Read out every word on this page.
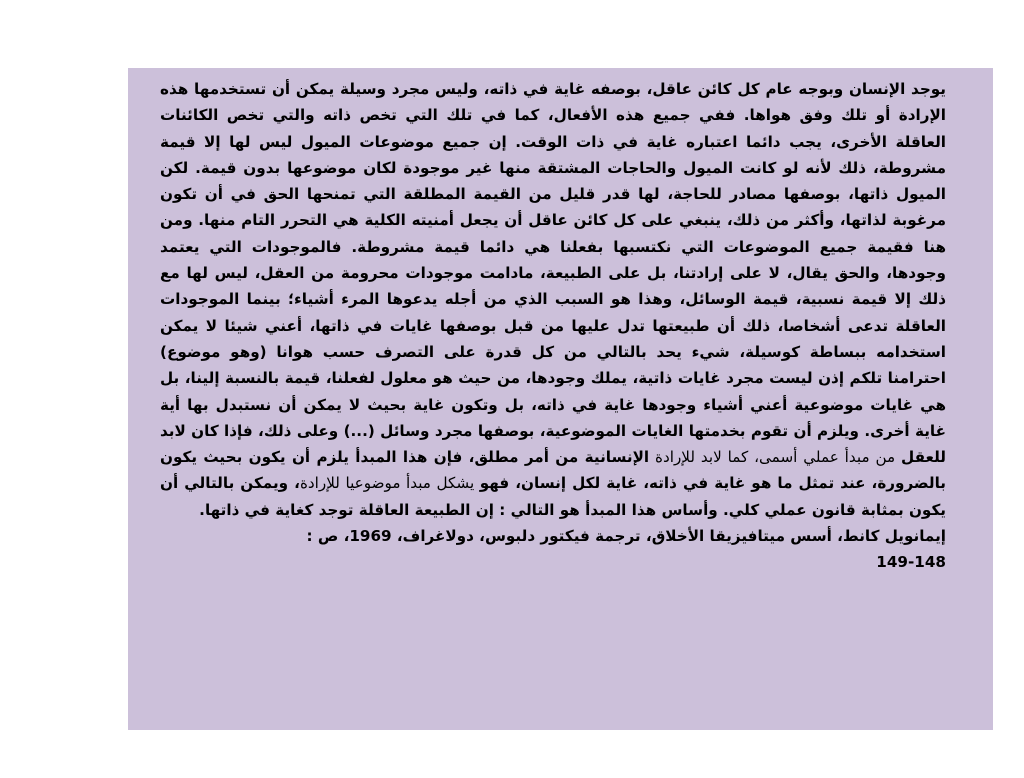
يوجد الإنسان وبوجه عام كل كائن عاقل، بوصفه غاية في ذاته، وليس مجرد وسيلة يمكن أن تستخدمها هذه الإرادة أو تلك وفق هواها. ففي جميع هذه الأفعال، كما في تلك التي تخص ذاته والتي تخص الكائنات العاقلة الأخرى، يجب دائما اعتباره غاية في ذات الوقت. إن جميع موضوعات الميول ليس لها إلا قيمة مشروطة، ذلك لأنه لو كانت الميول والحاجات المشتقة منها غير موجودة لكان موضوعها بدون قيمة. لكن الميول ذاتها، بوصفها مصادر للحاجة، لها قدر قليل من القيمة المطلقة التي تمنحها الحق في أن تكون مرغوبة لذاتها، وأكثر من ذلك، ينبغي على كل كائن عاقل أن يجعل أمنيته الكلية هي التحرر التام منها. ومن هنا فقيمة جميع الموضوعات التي نكتسبها بفعلنا هي دائما قيمة مشروطة. فالموجودات التي يعتمد وجودها، والحق يقال، لا على إرادتنا، بل على الطبيعة، مادامت موجودات محرومة من العقل، ليس لها مع ذلك إلا قيمة نسبية، قيمة الوسائل، وهذا هو السبب الذي من أجله يدعوها المرء أشياء؛ بينما الموجودات العاقلة تدعى أشخاصا، ذلك أن طبيعتها تدل عليها من قبل بوصفها غايات في ذاتها، أعني شيئا لا يمكن استخدامه ببساطة كوسيلة، شيء يحد بالتالي من كل قدرة على التصرف حسب هوانا (وهو موضوع) احترامنا تلكم إذن ليست مجرد غايات ذاتية، يملك وجودها، من حيث هو معلول لفعلنا، قيمة بالنسبة إلينا، بل هي غايات موضوعية أعني أشياء وجودها غاية في ذاته، بل وتكون غاية بحيث لا يمكن أن نستبدل بها أية غاية أخرى. ويلزم أن تقوم بخدمتها الغايات الموضوعية، بوصفها مجرد وسائل (...) وعلى ذلك، فإذا كان لابد للعقل من مبدأ عملي أسمى، كما لابد للإرادة الإنسانية من أمر مطلق، فإن هذا المبدأ يلزم أن يكون بحيث يكون بالضرورة، عند تمثل ما هو غاية في ذاته، غاية لكل إنسان، فهو يشكل مبدأ موضوعيا للإرادة، ويمكن بالتالي أن يكون بمثابة قانون عملي كلي. وأساس هذا المبدأ هو التالي : إن الطبيعة العاقلة توجد كغاية في ذاتها.

إيمانويل كانط، أسس ميتافيزيقا الأخلاق، ترجمة فيكتور دلبوس، دولاغراف، 1969، ص :
149-148
